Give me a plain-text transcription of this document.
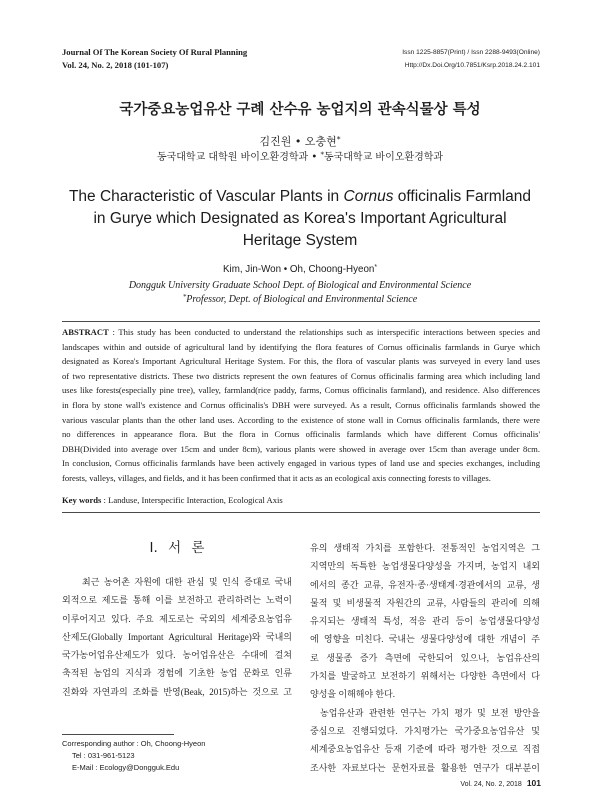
Journal Of The Korean Society Of Rural Planning
Vol. 24, No. 2, 2018 (101-107)
Issn 1225-8857(Print) / Issn 2288-9493(Online)
Http://Dx.Doi.Org/10.7851/Ksrp.2018.24.2.101
국가중요농업유산 구례 산수유 농업지의 관속식물상 특성
김진원 • 오충현*
동국대학교 대학원 바이오환경학과 • *동국대학교 바이오환경학과
The Characteristic of Vascular Plants in Cornus officinalis Farmland
in Gurye which Designated as Korea's Important Agricultural
Heritage System
Kim, Jin-Won • Oh, Choong-Hyeon*
Dongguk University Graduate School Dept. of Biological and Environmental Science
*Professor, Dept. of Biological and Environmental Science
ABSTRACT : This study has been conducted to understand the relationships such as interspecific interactions between species and
landscapes within and outside of agricultural land by identifying the flora features of Cornus officinalis farmlands in Gurye which
designated as Korea's Important Agricultural Heritage System. For this, the flora of vascular plants was surveyed in every land uses
of two representative districts. These two districts represent the own features of Cornus officinalis farming area which including land
uses like forests(especially pine tree), valley, farmland(rice paddy, farms, Cornus officinalis farmland), and residence. Also differences
in flora by stone wall's existence and Cornus officinalis's DBH were surveyed. As a result, Cornus officinalis farmlands showed the
various vascular plants than the other land uses. According to the existence of stone wall in Cornus officinalis farmlands, there were
no differences in appearance flora. But the flora in Cornus officinalis farmlands which have different Cornus officinalis'
DBH(Divided into average over 15cm and under 8cm), various plants were showed in average over 15cm than average under 8cm.
In conclusion, Cornus officinalis farmlands have been actively engaged in various types of land use and species exchanges, including
forests, valleys, villages, and fields, and it has been confirmed that it acts as an ecological axis connecting forests to villages.
Key words : Landuse, Interspecific Interaction, Ecological Axis
I. 서 론
최근 농어촌 자원에 대한 관심 및 인식 증대로 국내
외적으로 제도를 통해 이를 보전하고 관리하려는 노력이
이루어지고 있다. 주요 제도로는 국외의 세계중요농업유
산제도(Globally Important Agricultural Heritage)와 국내의
국가농어업유산제도가 있다. 농어업유산은 수대에 걸쳐
축적된 농업의 지식과 경험에 기초한 농업 문화로 인류
진화와 자연과의 조화를 반영(Beak, 2015)하는 것으로 고
유의 생태적 가치를 포함한다. 전통적인 농업지역은 그
지역만의 독특한 농업생물다양성을 가지며, 농업지 내외
에서의 종간 교류, 유전자·종·생태계·경관에서의 교류, 생
물적 및 비생물적 자원간의 교류, 사람들의 관리에 의해
유지되는 생태적 특성, 적응 관리 등이 농업생물다양성
에 영향을 미친다. 국내는 생물다양성에 대한 개념이 주
로 생물종 증가 측면에 국한되어 있으나, 농업유산의
가치를 발굴하고 보전하기 위해서는 다양한 측면에서 다
양성을 이해해야 한다.
농업유산과 관련한 연구는 가치 평가 및 보전 방안을
중심으로 진행되었다. 가치평가는 국가중요농업유산 및
세계중요농업유산 등재 기준에 따라 평가한 것으로 직접
조사한 자료보다는 문헌자료를 활용한 연구가 대부분이
Corresponding author : Oh, Choong-Hyeon
Tel : 031-961-5123
E-Mail : Ecology@Dongguk.Edu
Vol. 24, No. 2, 2018 101
